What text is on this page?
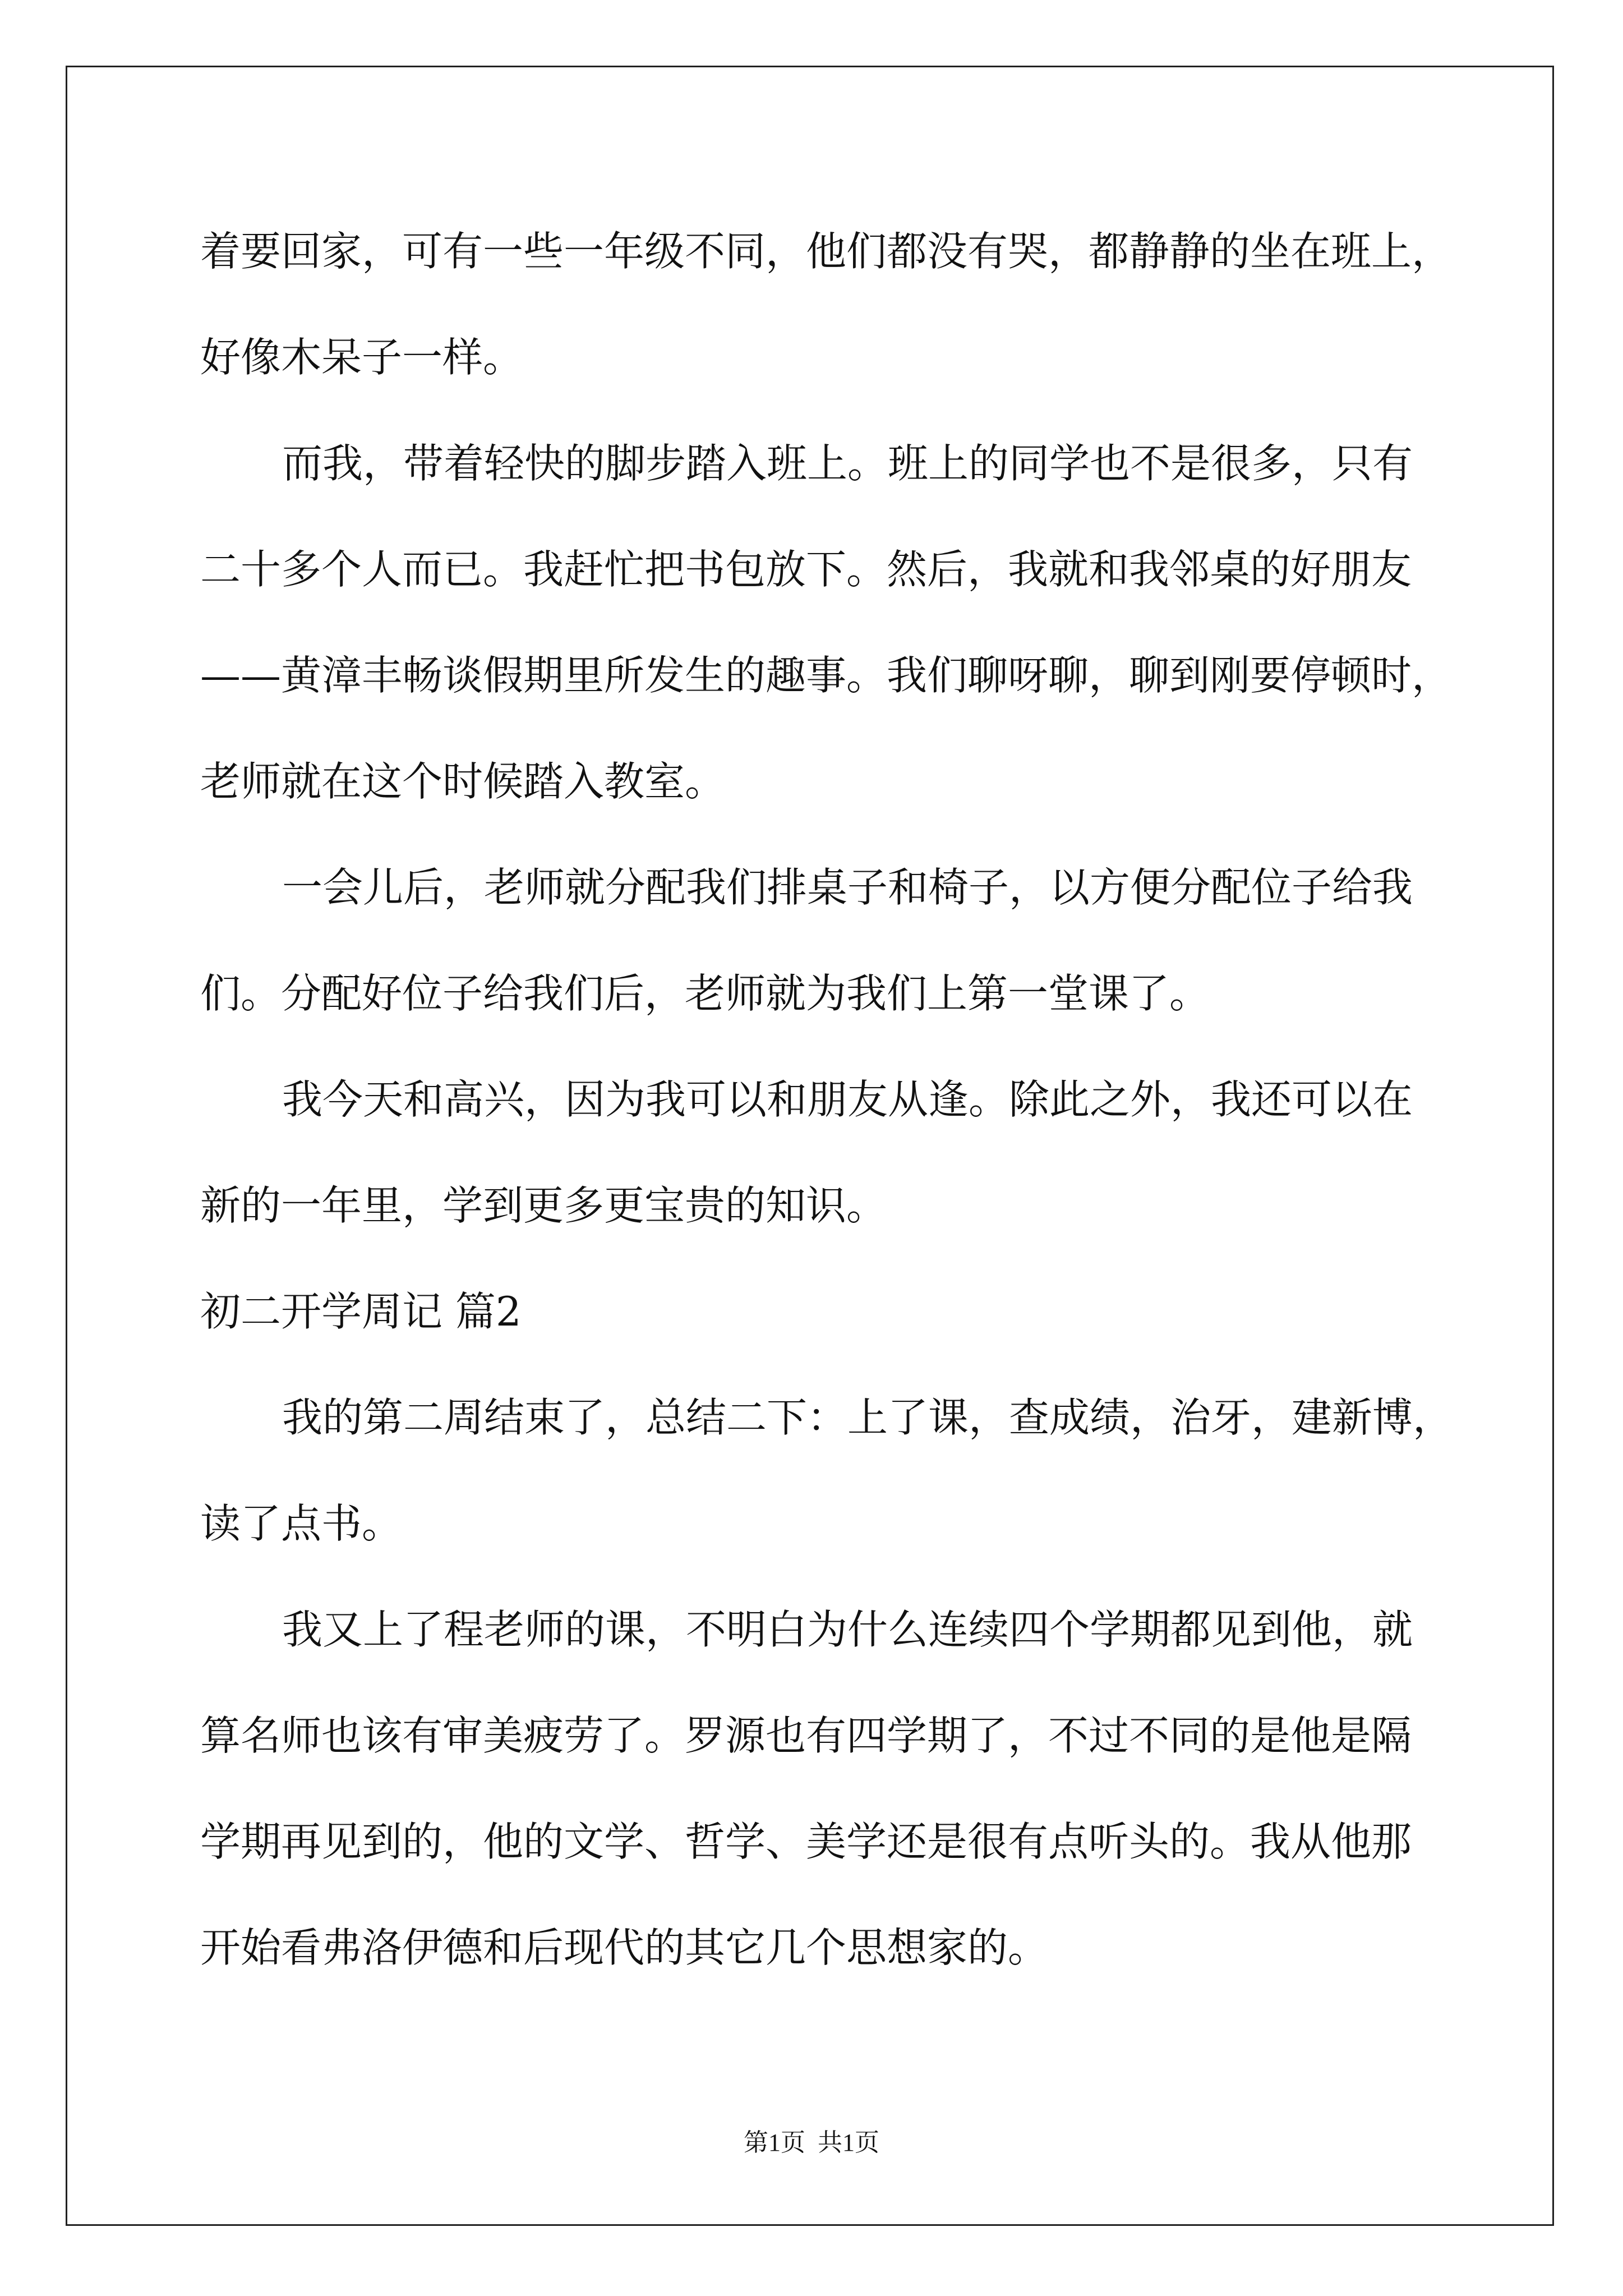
着要回家，可有一些一年级不同，他们都没有哭，都静静的坐在班上，
好像木呆子一样。
而我，带着轻快的脚步踏入班上。班上的同学也不是很多，只有
二十多个人而已。我赶忙把书包放下。然后，我就和我邻桌的好朋友
——黄漳丰畅谈假期里所发生的趣事。我们聊呀聊，聊到刚要停顿时，
老师就在这个时候踏入教室。
一会儿后，老师就分配我们排桌子和椅子，以方便分配位子给我
们。分配好位子给我们后，老师就为我们上第一堂课了。
我今天和高兴，因为我可以和朋友从逢。除此之外，我还可以在
新的一年里，学到更多更宝贵的知识。
初二开学周记 篇2
我的第二周结束了，总结二下：上了课，查成绩，治牙，建新博，
读了点书。
我又上了程老师的课，不明白为什么连续四个学期都见到他，就
算名师也该有审美疲劳了。罗源也有四学期了，不过不同的是他是隔
学期再见到的，他的文学、哲学、美学还是很有点听头的。我从他那
开始看弗洛伊德和后现代的其它几个思想家的。
第1页  共1页
